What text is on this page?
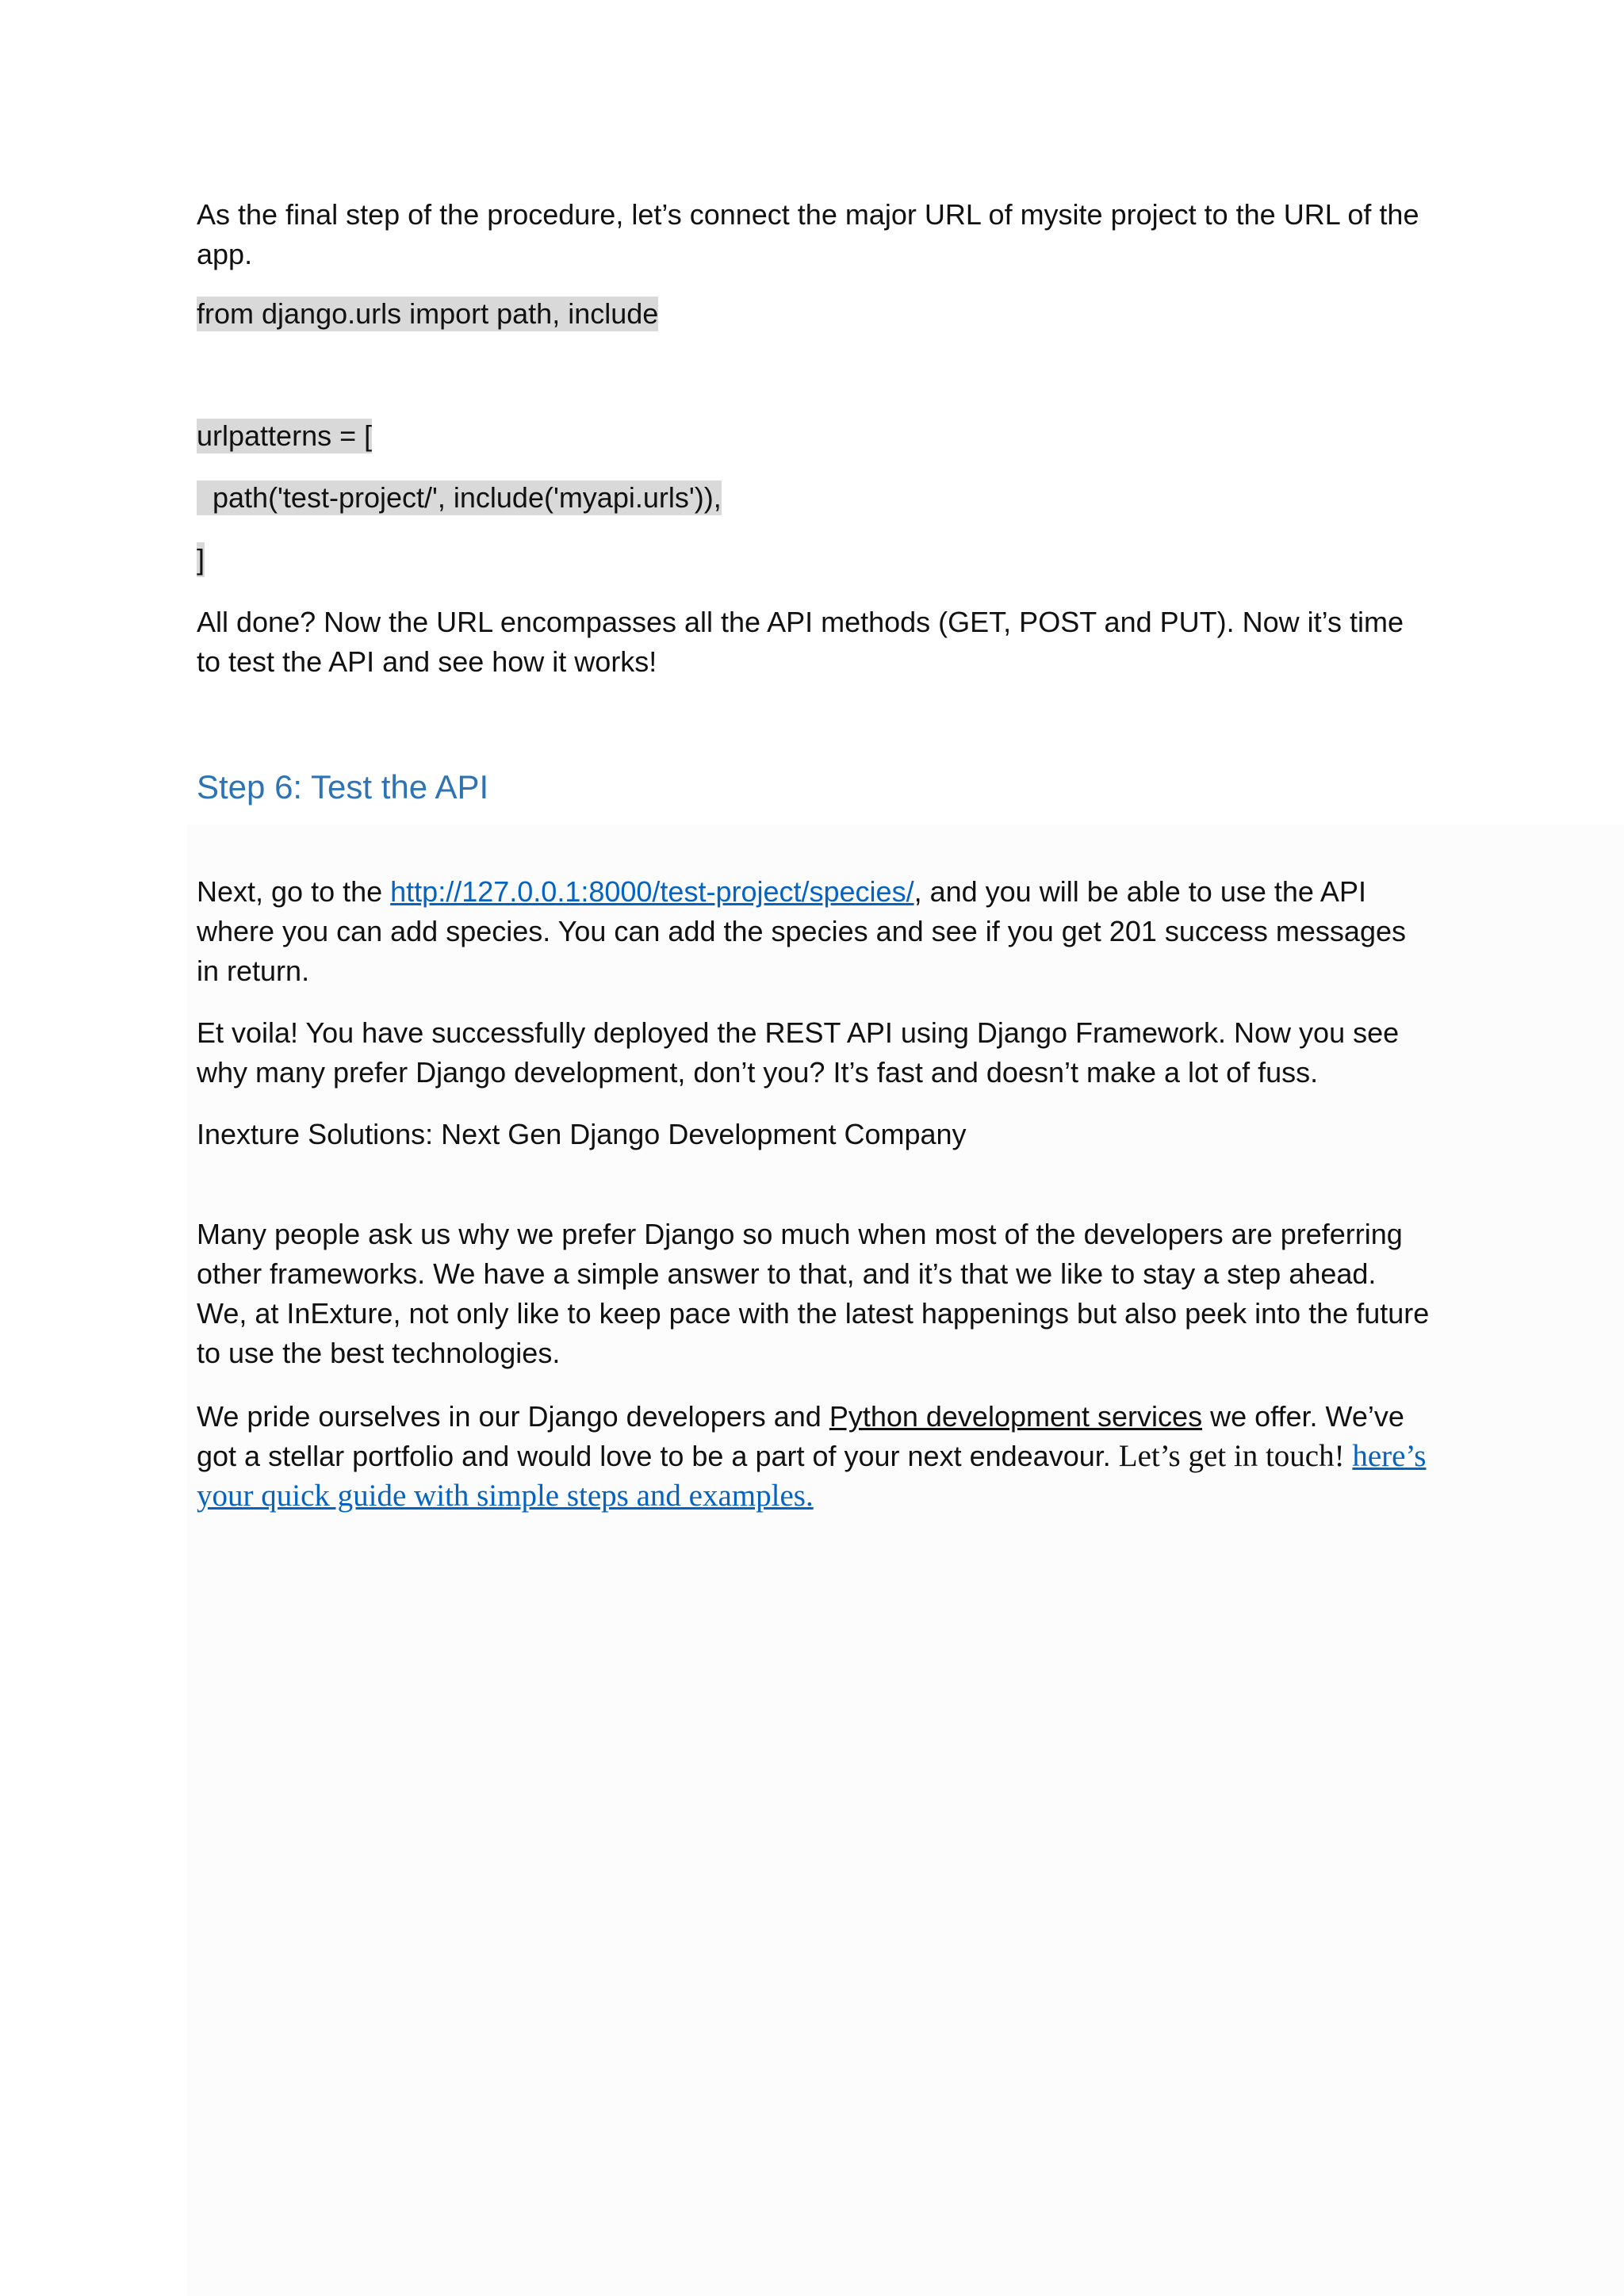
As the final step of the procedure, let’s connect the major URL of mysite project to the URL of the app.

from django.urls import path, include
urlpatterns = [
path('test-project/', include('myapi.urls')),
]

All done? Now the URL encompasses all the API methods (GET, POST and PUT). Now it’s time to test the API and see how it works!

Step 6: Test the API

Next, go to the http://127.0.0.1:8000/test-project/species/, and you will be able to use the API where you can add species. You can add the species and see if you get 201 success messages in return.

Et voila! You have successfully deployed the REST API using Django Framework. Now you see why many prefer Django development, don’t you? It’s fast and doesn’t make a lot of fuss.

Inexture Solutions: Next Gen Django Development Company

Many people ask us why we prefer Django so much when most of the developers are preferring other frameworks. We have a simple answer to that, and it’s that we like to stay a step ahead. We, at InExture, not only like to keep pace with the latest happenings but also peek into the future to use the best technologies.

We pride ourselves in our Django developers and Python development services we offer. We’ve got a stellar portfolio and would love to be a part of your next endeavour. Let’s get in touch! here’s your quick guide with simple steps and examples.
